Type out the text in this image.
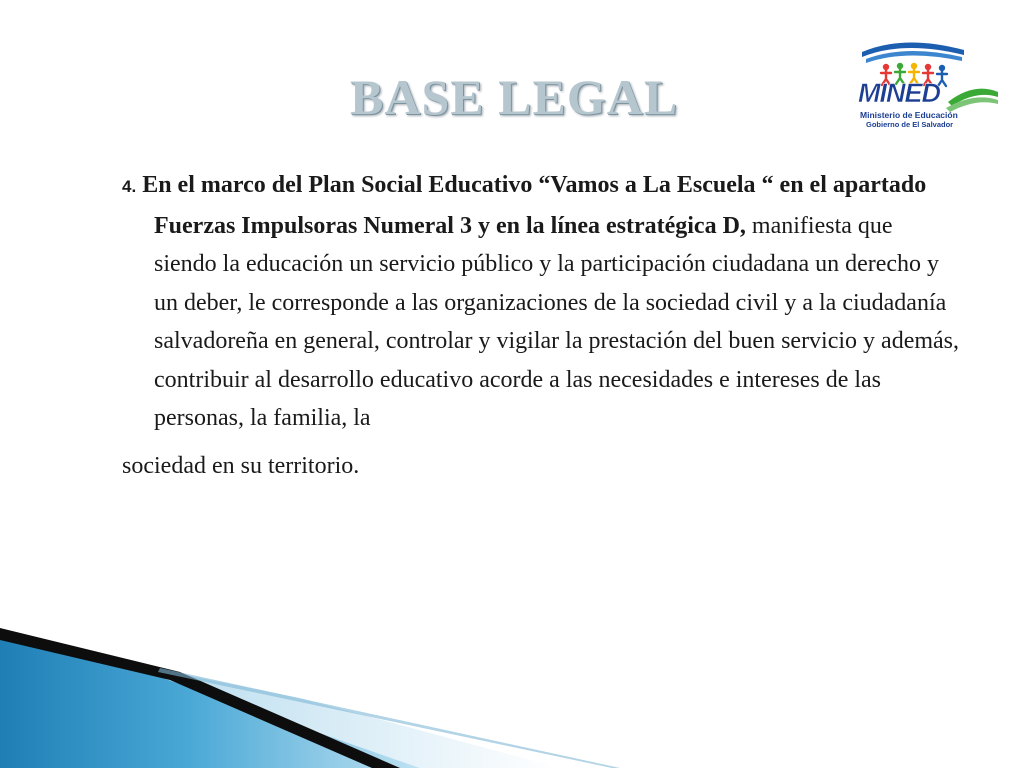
BASE LEGAL	MINED
Ministerio de Educación
Gobierno de El Salvador

4. En el marco del Plan Social Educativo “Vamos a La Escuela “ en el apartado Fuerzas Impulsoras Numeral 3 y en la línea estratégica D, manifiesta que siendo la educación un servicio público y la participación ciudadana un derecho y un deber, le corresponde a las organizaciones de la sociedad civil y a la ciudadanía salvadoreña en general, controlar y vigilar la prestación del buen servicio y además, contribuir al desarrollo educativo acorde a las necesidades e intereses de las personas, la familia, la
sociedad en su territorio.
